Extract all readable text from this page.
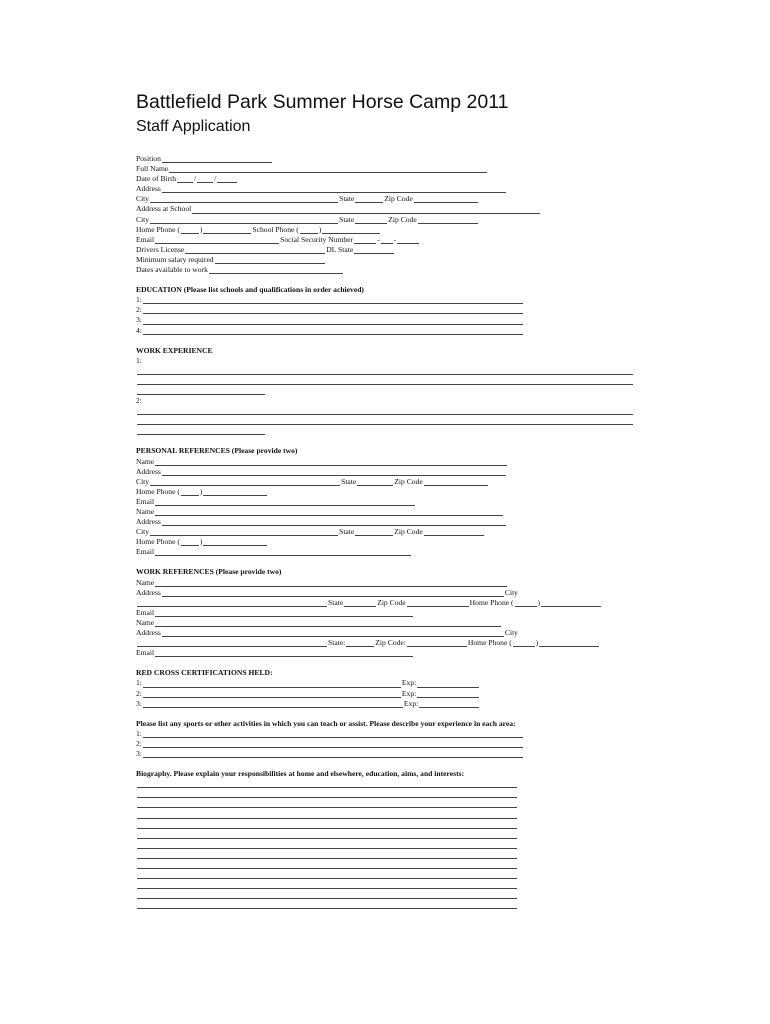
Battlefield Park Summer Horse Camp 2011
Staff Application
Position
Full Name
Date of Birth / /
Address
City	State	Zip Code
Address at School
City	State	Zip Code
Home Phone (	)	School Phone (	)
Email	Social Security Number	- -
Drivers License	DL State
Minimum salary required
Dates available to work
EDUCATION (Please list schools and qualifications in order achieved)
1:
2:
3:
4:
WORK EXPERIENCE
1:
2:
PERSONAL REFERENCES (Please provide two)
Name
Address
City	State	Zip Code
Home Phone (	)
Email
Name
Address
City	State	Zip Code
Home Phone (	)
Email
WORK REFERENCES (Please provide two)
Name
Address	City
State	Zip Code	Home Phone (	)
Email
Name
Address	City
State:	Zip Code:	Home Phone (	)
Email
RED CROSS CERTIFICATIONS HELD:
1:	Exp:
2:	Exp:
3:	Exp:
Please list any sports or other activities in which you can teach or assist. Please describe your experience in each area:
1:
2:
3:
Biography. Please explain your responsibilities at home and elsewhere, education, aims, and interests:
